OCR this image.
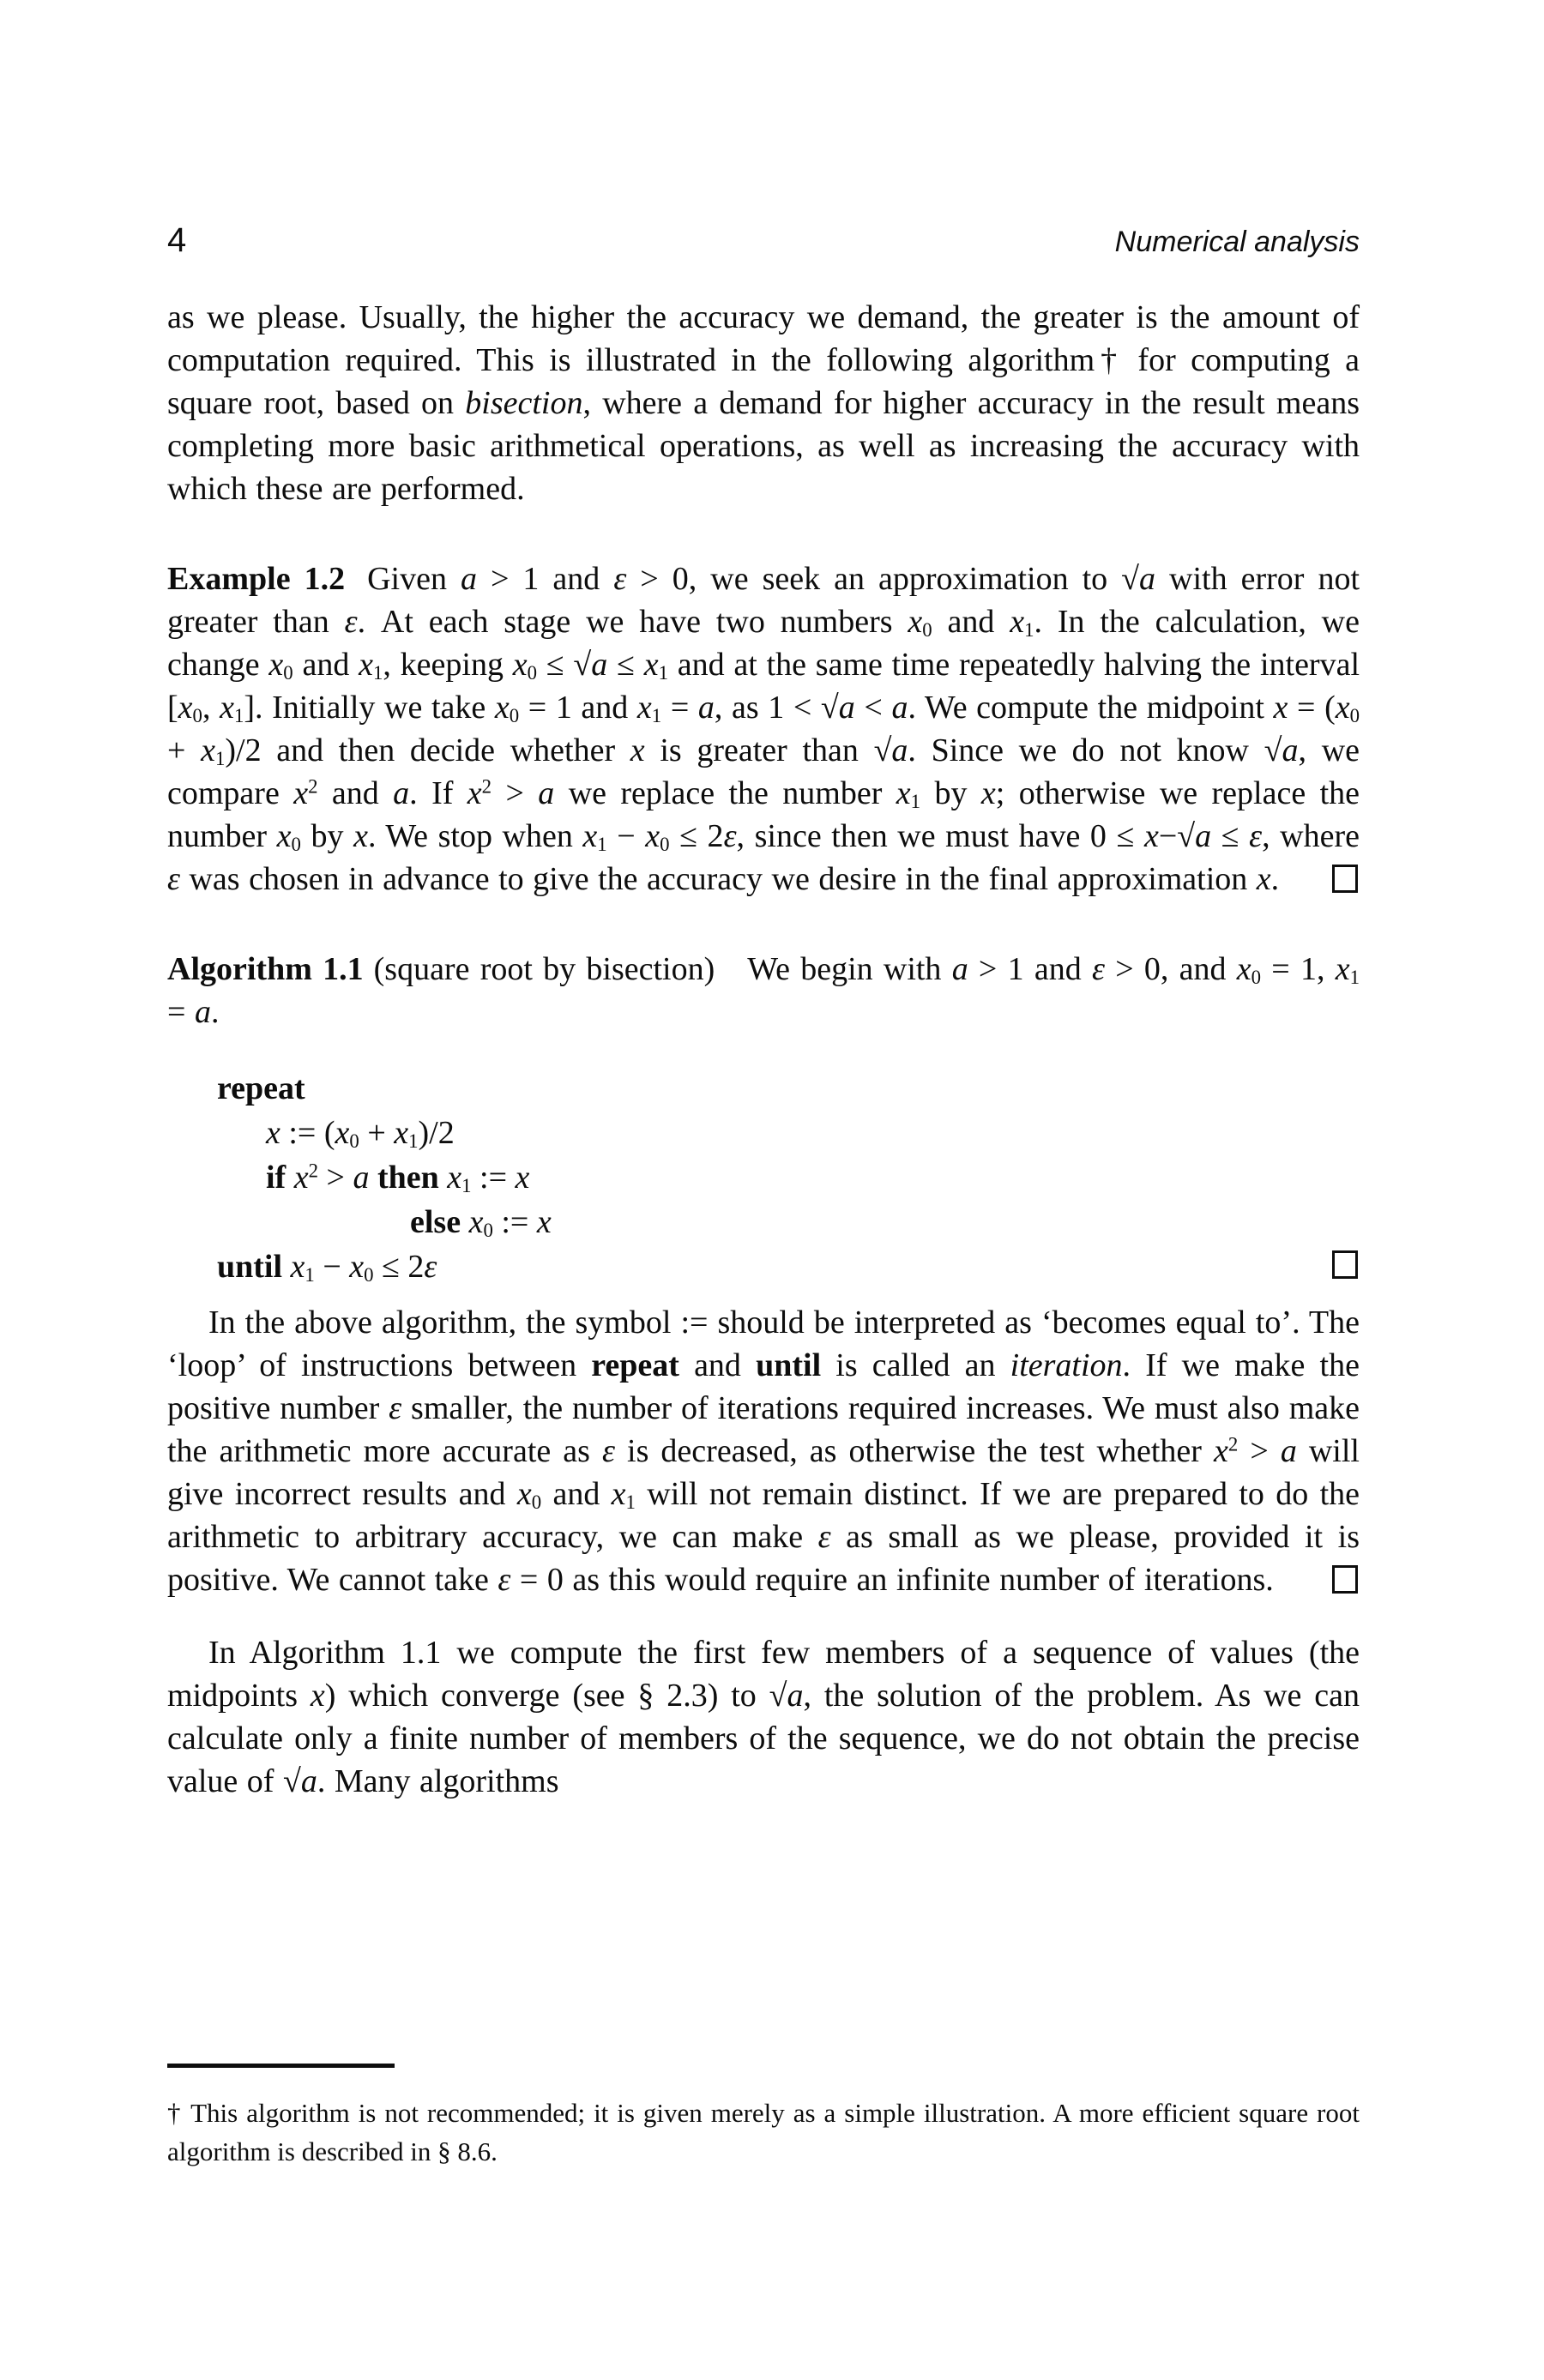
4	Numerical analysis

as we please. Usually, the higher the accuracy we demand, the greater is the amount of computation required. This is illustrated in the following algorithm† for computing a square root, based on bisection, where a demand for higher accuracy in the result means completing more basic arithmetical operations, as well as increasing the accuracy with which these are performed.

Example 1.2 Given a > 1 and ε > 0, we seek an approximation to √a with error not greater than ε. At each stage we have two numbers $x_0$ and $x_1$. In the calculation, we change $x_0$ and $x_1$, keeping $x_0 \le √a \le x_1$ and at the same time repeatedly halving the interval [$x_0$, $x_1$]. Initially we take $x_0 = 1$ and $x_1 = a$, as 1 < √a < a. We compute the midpoint $x = (x_0 + x_1)/2$ and then decide whether x is greater than √a. Since we do not know √a, we compare $x^2$ and a. If $x^2 > a$ we replace the number $x_1$ by x; otherwise we replace the number $x_0$ by x. We stop when $x_1 - x_0 \le 2\varepsilon$, since then we must have 0 ≤ x−√a ≤ ε, where ε was chosen in advance to give the accuracy we desire in the final approximation x.

Algorithm 1.1 (square root by bisection) We begin with a > 1 and ε > 0, and $x_0 = 1$, $x_1 = a$.

repeat
x := $(x_0 + x_1)/2$
if $x^2 > a$ then $x_1$ := x
else $x_0$ := x
until $x_1 - x_0 \le 2\varepsilon$

In the above algorithm, the symbol := should be interpreted as ‘becomes equal to’. The ‘loop’ of instructions between repeat and until is called an iteration. If we make the positive number ε smaller, the number of iterations required increases. We must also make the arithmetic more accurate as ε is decreased, as otherwise the test whether $x^2 > a$ will give incorrect results and $x_0$ and $x_1$ will not remain distinct. If we are prepared to do the arithmetic to arbitrary accuracy, we can make ε as small as we please, provided it is positive. We cannot take ε = 0 as this would require an infinite number of iterations.

In Algorithm 1.1 we compute the first few members of a sequence of values (the midpoints x) which converge (see § 2.3) to √a, the solution of the problem. As we can calculate only a finite number of members of the sequence, we do not obtain the precise value of √a. Many algorithms

† This algorithm is not recommended; it is given merely as a simple illustration. A more efficient square root algorithm is described in § 8.6.
